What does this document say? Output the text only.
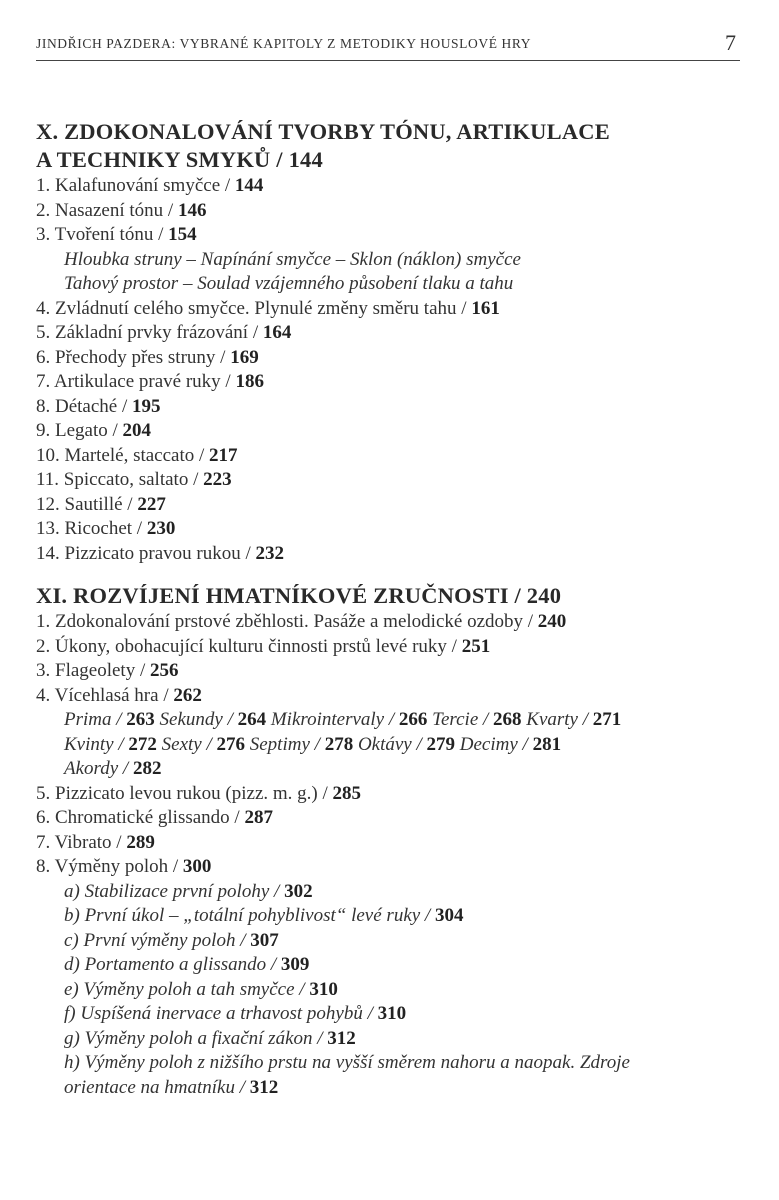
JINDŘICH PAZDERA: VYBRANÉ KAPITOLY Z METODIKY HOUSLOVÉ HRY	7
X. ZDOKONALOVÁNÍ TVORBY TÓNU, ARTIKULACE
A TECHNIKY SMYKŮ / 144
1. Kalafunování smyčce / 144
2. Nasazení tónu / 146
3. Tvoření tónu / 154
Hloubka struny – Napínání smyčce – Sklon (náklon) smyčce
Tahový prostor – Soulad vzájemného působení tlaku a tahu
4. Zvládnutí celého smyčce. Plynulé změny směru tahu / 161
5. Základní prvky frázování / 164
6. Přechody přes struny / 169
7. Artikulace pravé ruky / 186
8. Détaché / 195
9. Legato / 204
10. Martelé, staccato / 217
11. Spiccato, saltato / 223
12. Sautillé / 227
13. Ricochet / 230
14. Pizzicato pravou rukou / 232
XI. ROZVÍJENÍ HMATNÍKOVÉ ZRUČNOSTI / 240
1. Zdokonalování prstové zběhlosti. Pasáže a melodické ozdoby / 240
2. Úkony, obohacující kulturu činnosti prstů levé ruky / 251
3. Flageolety / 256
4. Vícehlasá hra / 262
Prima / 263 Sekundy / 264 Mikrointervaly / 266 Tercie / 268 Kvarty / 271
Kvinty / 272 Sexty / 276 Septimy / 278 Oktávy / 279 Decimy / 281
Akordy / 282
5. Pizzicato levou rukou (pizz. m. g.) / 285
6. Chromatické glissando / 287
7. Vibrato / 289
8. Výměny poloh / 300
a) Stabilizace první polohy / 302
b) První úkol – „totální pohyblivost“ levé ruky / 304
c) První výměny poloh / 307
d) Portamento a glissando / 309
e) Výměny poloh a tah smyčce / 310
f) Uspíšená inervace a trhavost pohybů / 310
g) Výměny poloh a fixační zákon / 312
h) Výměny poloh z nižšího prstu na vyšší směrem nahoru a naopak. Zdroje
orientace na hmatníku / 312
